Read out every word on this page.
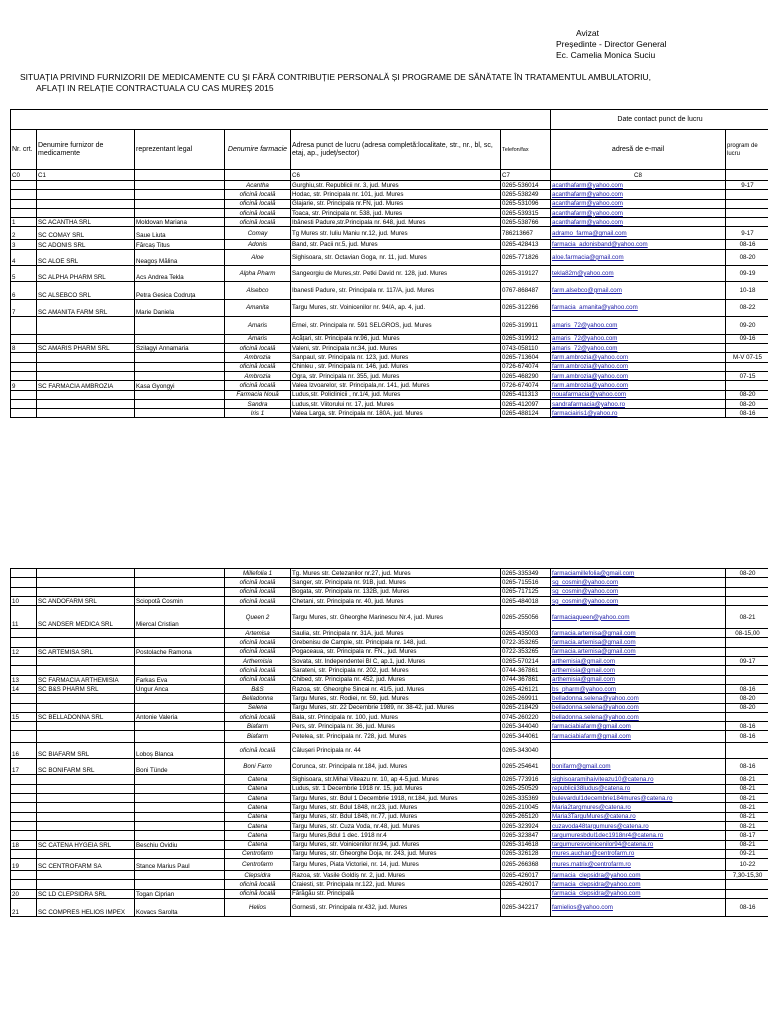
Avizat
Președinte - Director General
Ec. Camelia Monica Suciu
SITUAȚIA PRIVIND FURNIZORII DE MEDICAMENTE CU ȘI FĂRĂ CONTRIBUȚIE PERSONALĂ ȘI PROGRAME DE SĂNĂTATE ÎN TRATAMENTUL AMBULATORIU,
AFLAȚI IN RELAȚIE CONTRACTUALA CU CAS MUREȘ 2015
						Date contact punct de lucru	
Nr. crt.	Denumire furnizor de medicamente	reprezentant legal	Denumire farmacie	Adresa punct de lucru (adresa completă:localitate, str., nr., bl, sc, etaj, ap., judeţ/sector)	Telefon/fax	adresă de e-mail	program de lucru
C0	C1			C6	C7	C8	
			Acantha	Gurghiu,str. Republicii nr. 3, jud. Mures	0265-536014	acanthafarm@yahoo.com	9-17
			oficină locală	Hodac, str. Principala nr. 101, jud. Mures	0265-538249	acanthafarm@yahoo.com	
			oficină locală	Glajarie, str. Principala nr.FN, jud. Mures	0265-531096	acanthafarm@yahoo.com	
			oficină locală	Toaca, str. Principala nr. 538, jud. Mures	0265-539315	acanthafarm@yahoo.com	
1	SC ACANTHA SRL	Moldovan Mariana	oficină locală	Ibănesti Padure,str.Principala nr. 648, jud. Mures	0265-538766	acanthafarm@yahoo.com	
2	SC COMAY SRL	Saue Liuta	Comay	Tg Mures str. Iuliu Maniu nr.12, jud. Mures	786213667	adramo_farma@gmail.com	9-17
3	SC ADONIS SRL	Fărcaș Titus	Adonis	Band, str. Pacii nr.5, jud. Mures	0265-428413	farmacia_adonisband@yahoo.com	08-16
4	SC ALOE SRL	Neagoș Mălina	Aloe	Sighisoara, str. Octavian Goga, nr. 11, jud. Mures	0265-771826	aloe.farmacia@gmail.com	08-20
5	SC ALPHA PHARM SRL	Acs Andrea Tekla	Alpha Pharm	Sangeorgiu de Mures,str. Petki David nr. 128, jud. Mures	0265-319127	tekla82m@yahoo.com	09-19
6	SC ALSEBCO SRL	Petra Gesica Codruța	Alsebco	Ibanesti Padure, str. Principala nr. 117/A, jud. Mures	0767-868487	farm.alsebco@gmail.com	10-18
7	SC AMANITA FARM SRL	Marie Daniela	Amanita	Targu Mures, str. Voinicenilor nr. 94/A, ap. 4, jud.	0265-312266	farmacia_amanita@yahoo.com	08-22
			Amaris	Ernei, str. Principala nr. 591 SELGROS, jud. Mures	0265-319911	amaris_72@yahoo.com	09-20
			Amaris	Acățari, str. Principala nr.96, jud. Mures	0265-319912	amaris_72@yahoo.com	09-16
8	SC AMARIS PHARM SRL	Szilagyi Annamaria	oficină locală	Valeni, str. Principala nr.34, jud. Mures	0743-058110	amaris_72@yahoo.com	
			Ambrozia	Sanpaul, str. Principala nr. 123, jud. Mures	0265-713604	farm.ambrozia@yahoo.com	M-V 07-15
			oficină locală	Chinleu , str. Principala nr. 146, jud. Mures	0726-674074	farm.ambrozia@yahoo.com	
			Ambrozia	Ogra, str. Principala nr. 355, jud. Mures	0265-468290	farm.ambrozia@yahoo.com	07-15
9	SC FARMACIA AMBROZIA	Kasa Gyongyi	oficină locală	Valea Izvoarelor, str. Principala,nr. 141, jud. Mures	0726-674074	farm.ambrozia@yahoo.com	
			Farmacia Nouă	Ludus,str. Policlinicii , nr.1/4, jud. Mures	0265-411313	nouafarmacia@yahoo.com	08-20
			Sandra	Ludus,str. Viitorului nr. 17, jud. Mures	0265-412097	sandrafarmacia@yahoo.ro	08-20
			Iris 1	Valea Larga, str. Principala nr. 180A, jud. Mures	0265-488124	farmaciairis1@yahoo.ro	08-16
			Millefolia 1	Tg. Mures str. Cetezanilor nr.27, jud. Mures	0265-335349	farmaciamillefolia@gmail.com	08-20
			oficină locală	Sanger, str. Principala nr. 91B, jud. Mures	0265-715516	sg_cosmin@yahoo.com	
			oficină locală	Bogata, str. Principala nr. 132B, jud. Mures	0265-717125	sg_cosmin@yahoo.com	
10	SC ANDOFARM SRL	Sciopotă Cosmin	oficină locală	Chetani, str. Principala nr. 40, jud. Mures	0265-484018	sg_cosmin@yahoo.com	
11	SC ANDSER MEDICA SRL	Miercal Cristian	Queen 2	Targu Mures, str. Gheorghe Marinescu Nr.4, jud. Mures	0265-255056	farmaciaqueen@yahoo.com	08-21
			Artemisa	Saulia, str. Principala nr. 31A, jud. Mures	0265-435003	farmacia.artemisa@gmail.com	08-15,00
			oficină locală	Grebenisu de Campie, str. Principala nr. 148, jud.	0722-353265	farmacia.artemisa@gmail.com	
12	SC ARTEMISA SRL	Postolache Ramona	oficină locală	Pogaceaua, str. Principala nr. FN., jud. Mures	0722-353265	farmacia.artemisa@gmail.com	
			Arthemisia	Sovata, str. Independentei Bl C, ap.1, jud. Mures	0265-570214	arthemisia@gmail.com	09-17
			oficină locală	Sarateni, str. Principala nr. 202, jud. Mures	0744-367861	arthemisia@gmail.com	
13	SC FARMACIA ARTHEMISIA	Farkas Eva	oficină locală	Chibed, str. Principala nr. 452, jud. Mures	0744-367861	arthemisia@gmail.com	
14	SC B&S PHARM SRL	Ungur Anca	B&S	Razoa, str. Gheorghe Sincai nr. 41/5, jud. Mures	0265-426121	bs_pharm@yahoo.com	08-16
			Belladonna	Targu Mures, str. Rodiei, nr. 59, jud. Mures	0265-269911	belladonna.selena@yahoo.com	08-20
			Selena	Targu Mures, str. 22 Decembrie 1989, nr. 38-42, jud. Mures	0265-218429	belladonna.selena@yahoo.com	08-20
15	SC BELLADONNA SRL	Antonie Valeria	oficină locală	Bala, str. Principala nr. 100, jud. Mures	0745-260220	belladonna.selena@yahoo.com	
			Biafarm	Pers, str. Principala nr. 36, jud. Mures	0265-344040	farmaciabiafarm@gmail.com	08-16
			Biafarm	Petelea, str. Principala nr. 728, jud. Mures	0265-344061	farmaciabiafarm@gmail.com	08-16
16	SC BIAFARM SRL	Loboș Blanca	oficină locală	Călușeri Principala nr. 44	0265-343040		
17	SC BONIFARM SRL	Boni Tünde	Boni Farm	Corunca, str. Principala nr.184, jud. Mures	0265-254641	bonifarm@gmail.com	08-16
			Catena	Sighisoara, str.Mihai Viteazu nr. 10, ap 4-5,jud. Mures	0265-773916	sighisoaramihaiviteazu10@catena.ro	08-21
			Catena	Ludus, str. 1 Decembrie 1918 nr. 15, jud. Mures	0265-250529	republicii38ludus@catena.ro	08-21
			Catena	Targu Mures, str. Bdul 1 Decembrie 1918, nr.184, jud. Mures	0265-335369	bulevardul1decembrie184mures@catena.ro	08-21
			Catena	Targu Mures, str. Bdul 1848, nr.23, jud. Mures	0265-210045	Maria2targmures@catena.ro	08-21
			Catena	Targu Mures, str. Bdul 1848, nr.77, jud. Mures	0265-265120	Maria3TarguMures@catena.ro	08-21
			Catena	Targu Mures, str. Cuza Voda, nr.48, jud. Mures	0265-323924	cuzavoda48targumures@catena.ro	08-21
			Catena	Targu Mures,Bdul 1 dec. 1918 nr.4	0265-323847	targumuresbdul1dec1918nr4@catena.ro	08-17
18	SC CATENA HYGEIA SRL	Beschiu Ovidiu	Catena	Targu Mures, str. Voinicenilor nr.94, jud. Mures	0265-314618	targumuresvoinicenilor94@catena.ro	08-21
			Centrofarm	Targu Mures, str. Gheorghe Doja, nr. 243, jud. Mures	0265-326128	mures.auchan@centrofarm.ro	09-21
19	SC CENTROFARM SA	Stance Marius Paul	Centrofarm	Targu Mures, Piata Victoriei, nr. 14, jud. Mures	0265-266368	mures.matrix@centrofarm.ro	10-22
			Clepsidra	Razoa, str. Vasile Goldiș nr. 2, jud. Mures	0265-426017	farmacia_clepsidra@yahoo.com	7,30-15,30
			oficină locală	Craiesti, str. Principala nr.122, jud. Mures	0265-426017	farmacia_clepsidra@yahoo.com	
20	SC LD CLEPSIDRA SRL	Togan Ciprian	oficină locală	Fărăgău str. Principală		farmacia_clepsidra@yahoo.com	
21	SC COMPRES HELIOS IMPEX	Kovacs Sarolta	Helios	Gornesti, str. Principala nr.432, jud. Mures	0265-342217	famielios@yahoo.com	08-16
